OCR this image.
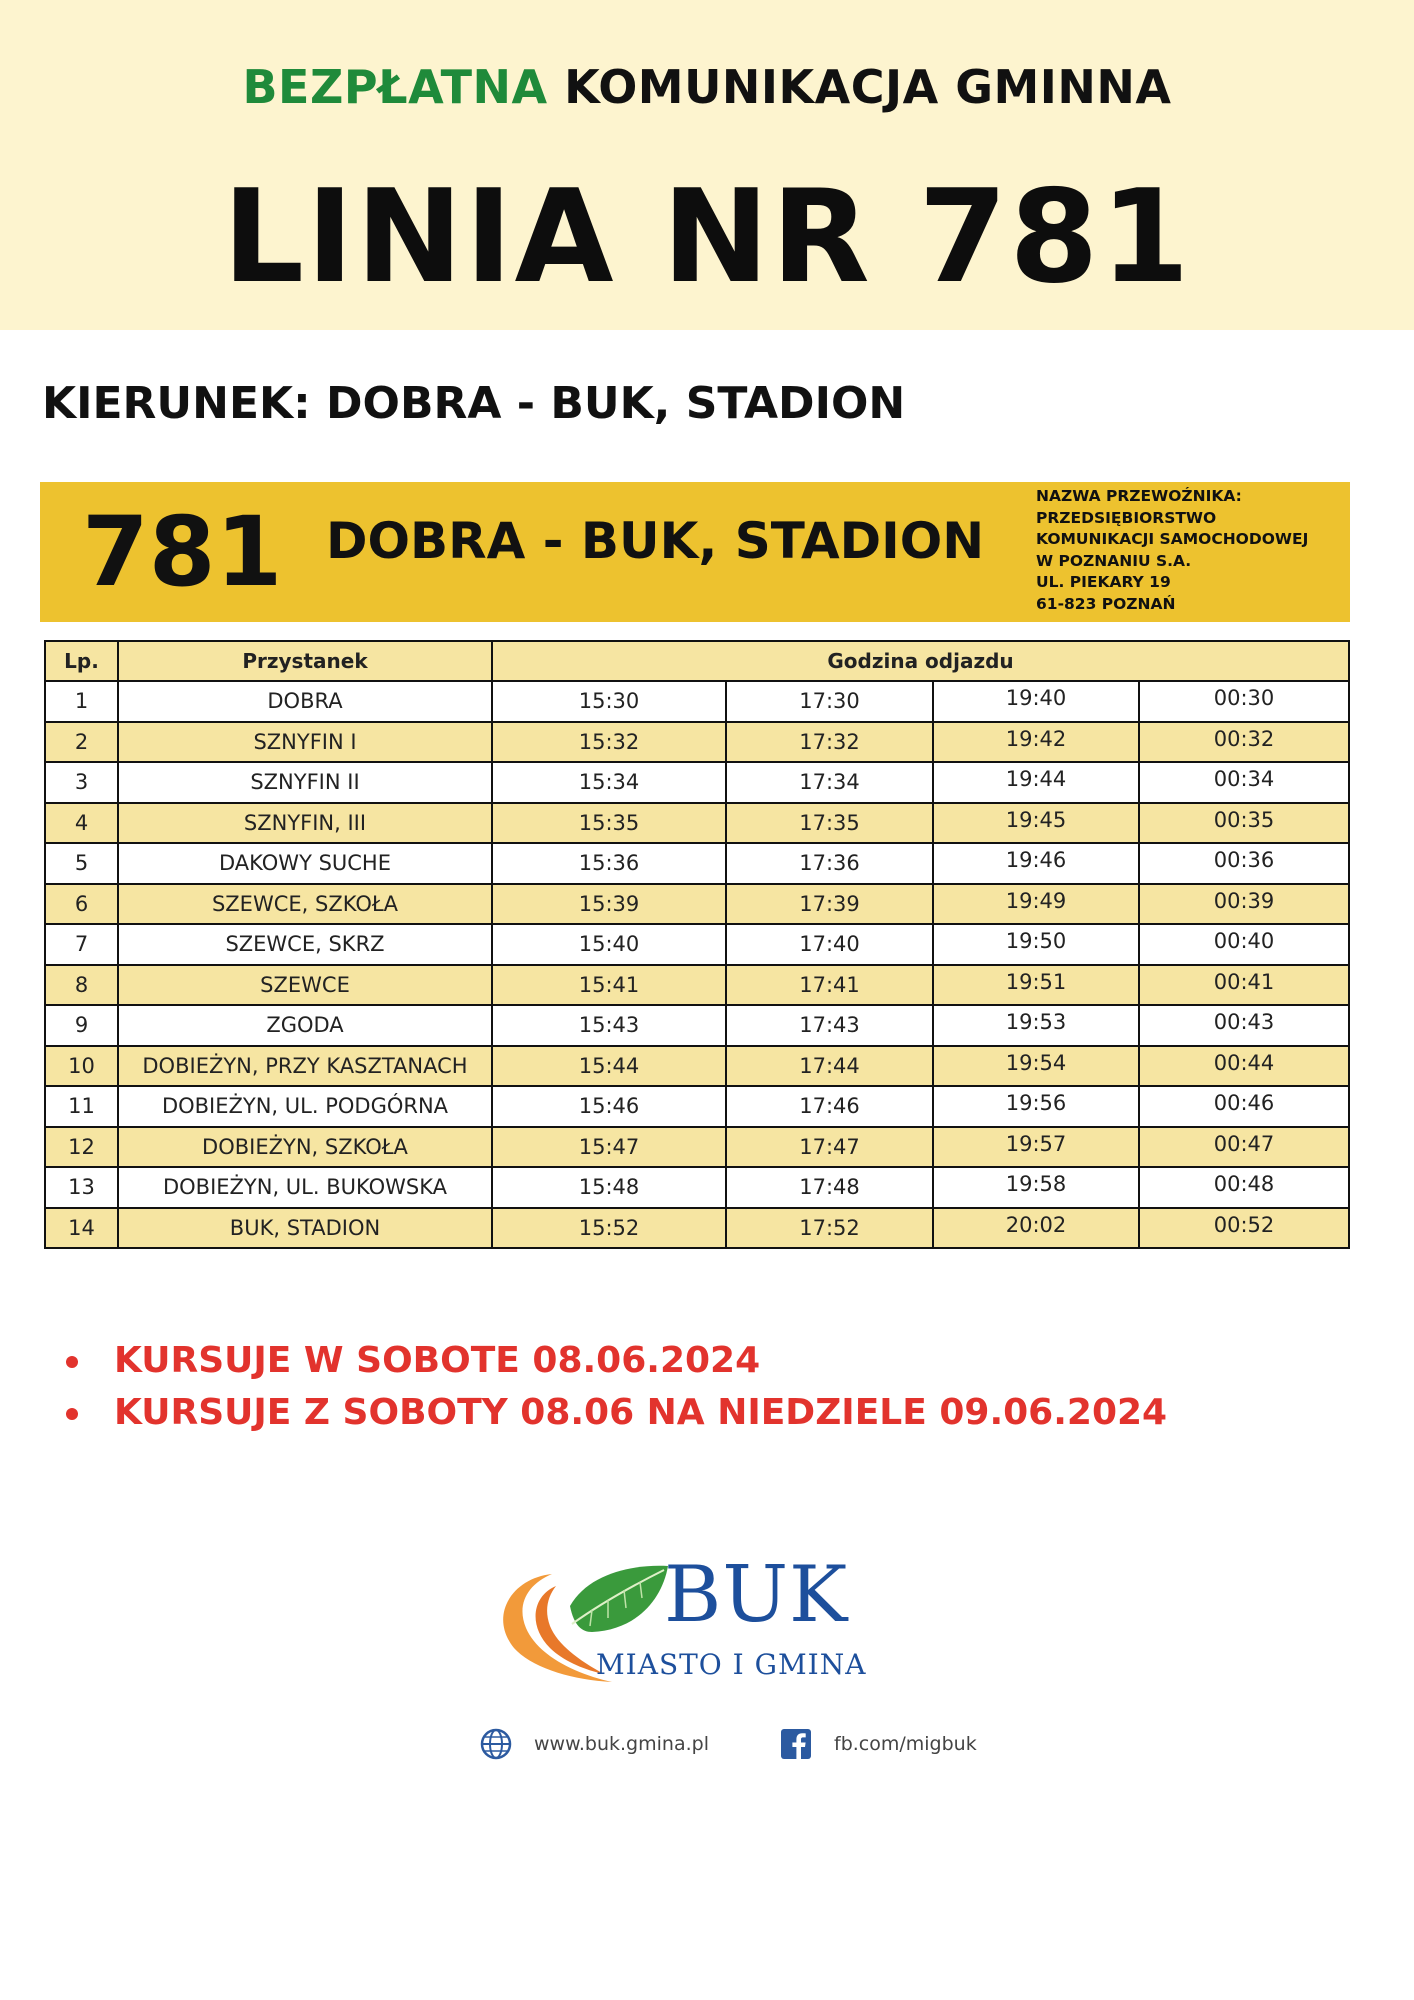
BEZPŁATNA KOMUNIKACJA GMINNA
LINIA NR 781
KIERUNEK: DOBRA - BUK, STADION
781 DOBRA - BUK, STADION
NAZWA PRZEWOŹNIKA:
PRZEDSIĘBIORSTWO
KOMUNIKACJI SAMOCHODOWEJ
W POZNANIU S.A.
UL. PIEKARY 19
61-823 POZNAŃ
Lp.	Przystanek	Godzina odjazdu			
1	DOBRA	15:30	17:30	19:40	00:30
2	SZNYFIN I	15:32	17:32	19:42	00:32
3	SZNYFIN II	15:34	17:34	19:44	00:34
4	SZNYFIN, III	15:35	17:35	19:45	00:35
5	DAKOWY SUCHE	15:36	17:36	19:46	00:36
6	SZEWCE, SZKOŁA	15:39	17:39	19:49	00:39
7	SZEWCE, SKRZ	15:40	17:40	19:50	00:40
8	SZEWCE	15:41	17:41	19:51	00:41
9	ZGODA	15:43	17:43	19:53	00:43
10	DOBIEŻYN, PRZY KASZTANACH	15:44	17:44	19:54	00:44
11	DOBIEŻYN, UL. PODGÓRNA	15:46	17:46	19:56	00:46
12	DOBIEŻYN, SZKOŁA	15:47	17:47	19:57	00:47
13	DOBIEŻYN, UL. BUKOWSKA	15:48	17:48	19:58	00:48
14	BUK, STADION	15:52	17:52	20:02	00:52
KURSUJE W SOBOTE 08.06.2024
KURSUJE Z SOBOTY 08.06 NA NIEDZIELE 09.06.2024
BUK
MIASTO I GMINA
www.buk.gmina.pl	fb.com/migbuk
